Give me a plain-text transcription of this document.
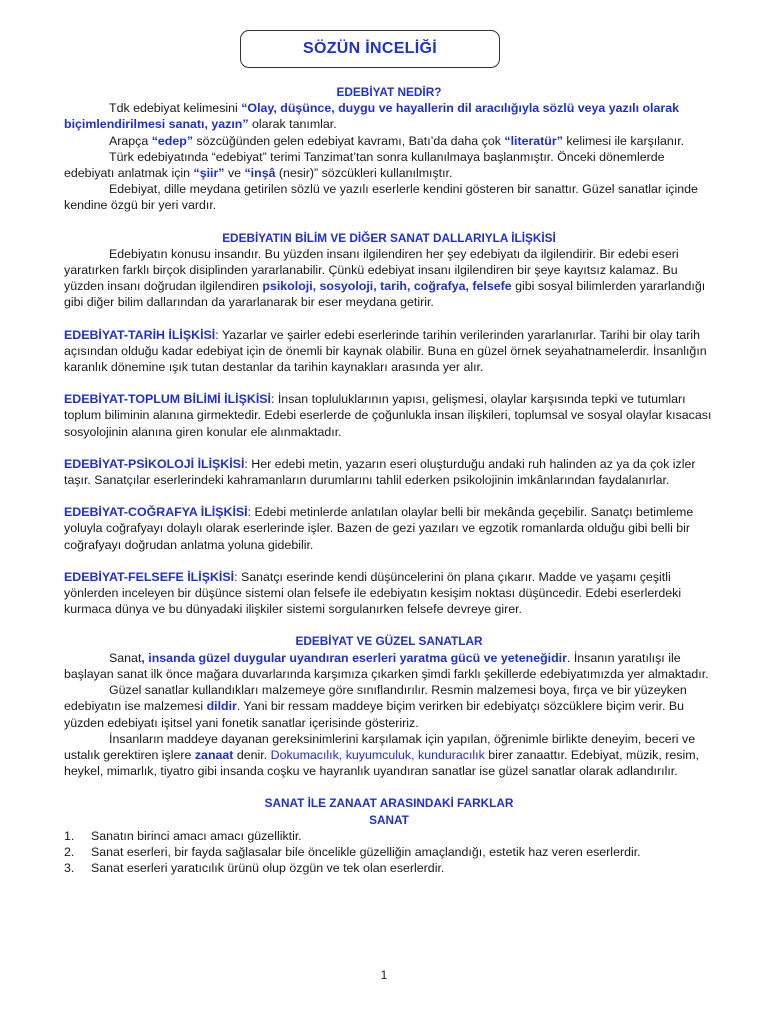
SÖZÜN İNCELİĞİ

EDEBİYAT NEDİR?

Tdk edebiyat kelimesini “Olay, düşünce, duygu ve hayallerin dil aracılığıyla sözlü veya yazılı olarak biçimlendirilmesi sanatı, yazın” olarak tanımlar.

Arapça “edep” sözcüğünden gelen edebiyat kavramı, Batı’da daha çok “literatür” kelimesi ile karşılanır.

Türk edebiyatında “edebiyat” terimi Tanzimat’tan sonra kullanılmaya başlanmıştır. Önceki dönemlerde edebiyatı anlatmak için “şiir” ve “inşâ (nesir)” sözcükleri kullanılmıştır.

Edebiyat, dille meydana getirilen sözlü ve yazılı eserlerle kendini gösteren bir sanattır. Güzel sanatlar içinde kendine özgü bir yeri vardır.

EDEBİYATIN BİLİM VE DİĞER SANAT DALLARIYLA İLİŞKİSİ

Edebiyatın konusu insandır. Bu yüzden insanı ilgilendiren her şey edebiyatı da ilgilendirir. Bir edebi eseri yaratırken farklı birçok disiplinden yararlanabilir. Çünkü edebiyat insanı ilgilendiren bir şeye kayıtsız kalamaz. Bu yüzden insanı doğrudan ilgilendiren psikoloji, sosyoloji, tarih, coğrafya, felsefe gibi sosyal bilimlerden yararlandığı gibi diğer bilim dallarından da yararlanarak bir eser meydana getirir.

EDEBİYAT-TARİH İLİŞKİSİ: Yazarlar ve şairler edebi eserlerinde tarihin verilerinden yararlanırlar. Tarihi bir olay tarih açısından olduğu kadar edebiyat için de önemli bir kaynak olabilir. Buna en güzel örnek seyahatnamelerdir. İnsanlığın karanlık dönemine ışık tutan destanlar da tarihin kaynakları arasında yer alır.

EDEBİYAT-TOPLUM BİLİMİ İLİŞKİSİ: İnsan topluluklarının yapısı, gelişmesi, olaylar karşısında tepki ve tutumları toplum biliminin alanına girmektedir. Edebi eserlerde de çoğunlukla insan ilişkileri, toplumsal ve sosyal olaylar kısacası sosyolojinin alanına giren konular ele alınmaktadır.

EDEBİYAT-PSİKOLOJİ İLİŞKİSİ: Her edebi metin, yazarın eseri oluşturduğu andaki ruh halinden az ya da çok izler taşır. Sanatçılar eserlerindeki kahramanların durumlarını tahlil ederken psikolojinin imkânlarından faydalanırlar.

EDEBİYAT-COĞRAFYA İLİŞKİSİ: Edebi metinlerde anlatılan olaylar belli bir mekânda geçebilir. Sanatçı betimleme yoluyla coğrafyayı dolaylı olarak eserlerinde işler. Bazen de gezi yazıları ve egzotik romanlarda olduğu gibi belli bir coğrafyayı doğrudan anlatma yoluna gidebilir.

EDEBİYAT-FELSEFE İLİŞKİSİ: Sanatçı eserinde kendi düşüncelerini ön plana çıkarır. Madde ve yaşamı çeşitli yönlerden inceleyen bir düşünce sistemi olan felsefe ile edebiyatın kesişim noktası düşüncedir. Edebi eserlerdeki kurmaca dünya ve bu dünyadaki ilişkiler sistemi sorgulanırken felsefe devreye girer.

EDEBİYAT VE GÜZEL SANATLAR

Sanat, insanda güzel duygular uyandıran eserleri yaratma gücü ve yeteneğidir. İnsanın yaratılışı ile başlayan sanat ilk önce mağara duvarlarında karşımıza çıkarken şimdi farklı şekillerde edebiyatımızda yer almaktadır.

Güzel sanatlar kullandıkları malzemeye göre sınıflandırılır. Resmin malzemesi boya, fırça ve bir yüzeyken edebiyatın ise malzemesi dildir. Yani bir ressam maddeye biçim verirken bir edebiyatçı sözcüklere biçim verir. Bu yüzden edebiyatı işitsel yani fonetik sanatlar içerisinde gösteririz.

İnsanların maddeye dayanan gereksinimlerini karşılamak için yapılan, öğrenimle birlikte deneyim, beceri ve ustalık gerektiren işlere zanaat denir. Dokumacılık, kuyumculuk, kunduracılık birer zanaattır. Edebiyat, müzik, resim, heykel, mimarlık, tiyatro gibi insanda coşku ve hayranlık uyandıran sanatlar ise güzel sanatlar olarak adlandırılır.

SANAT İLE ZANAAT ARASINDAKİ FARKLAR

SANAT

1.	Sanatın birinci amacı amacı güzelliktir.
2.	Sanat eserleri, bir fayda sağlasalar bile öncelikle güzelliğin amaçlandığı, estetik haz veren eserlerdir.
3.	Sanat eserleri yaratıcılık ürünü olup özgün ve tek olan eserlerdir.
1
